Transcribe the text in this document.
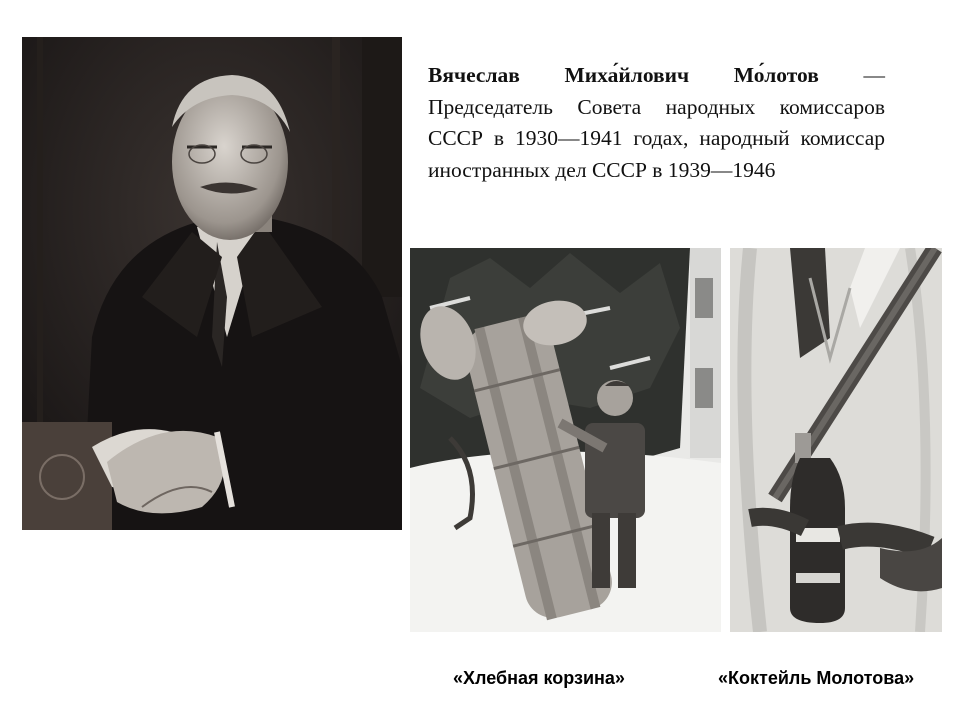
Вячеслав Миха́йлович Мо́лотов — Председатель Совета народных комиссаров СССР в 1930—1941 годах, народный комиссар иностранных дел СССР в 1939—1946

«Хлебная корзина»	«Коктейль Молотова»
